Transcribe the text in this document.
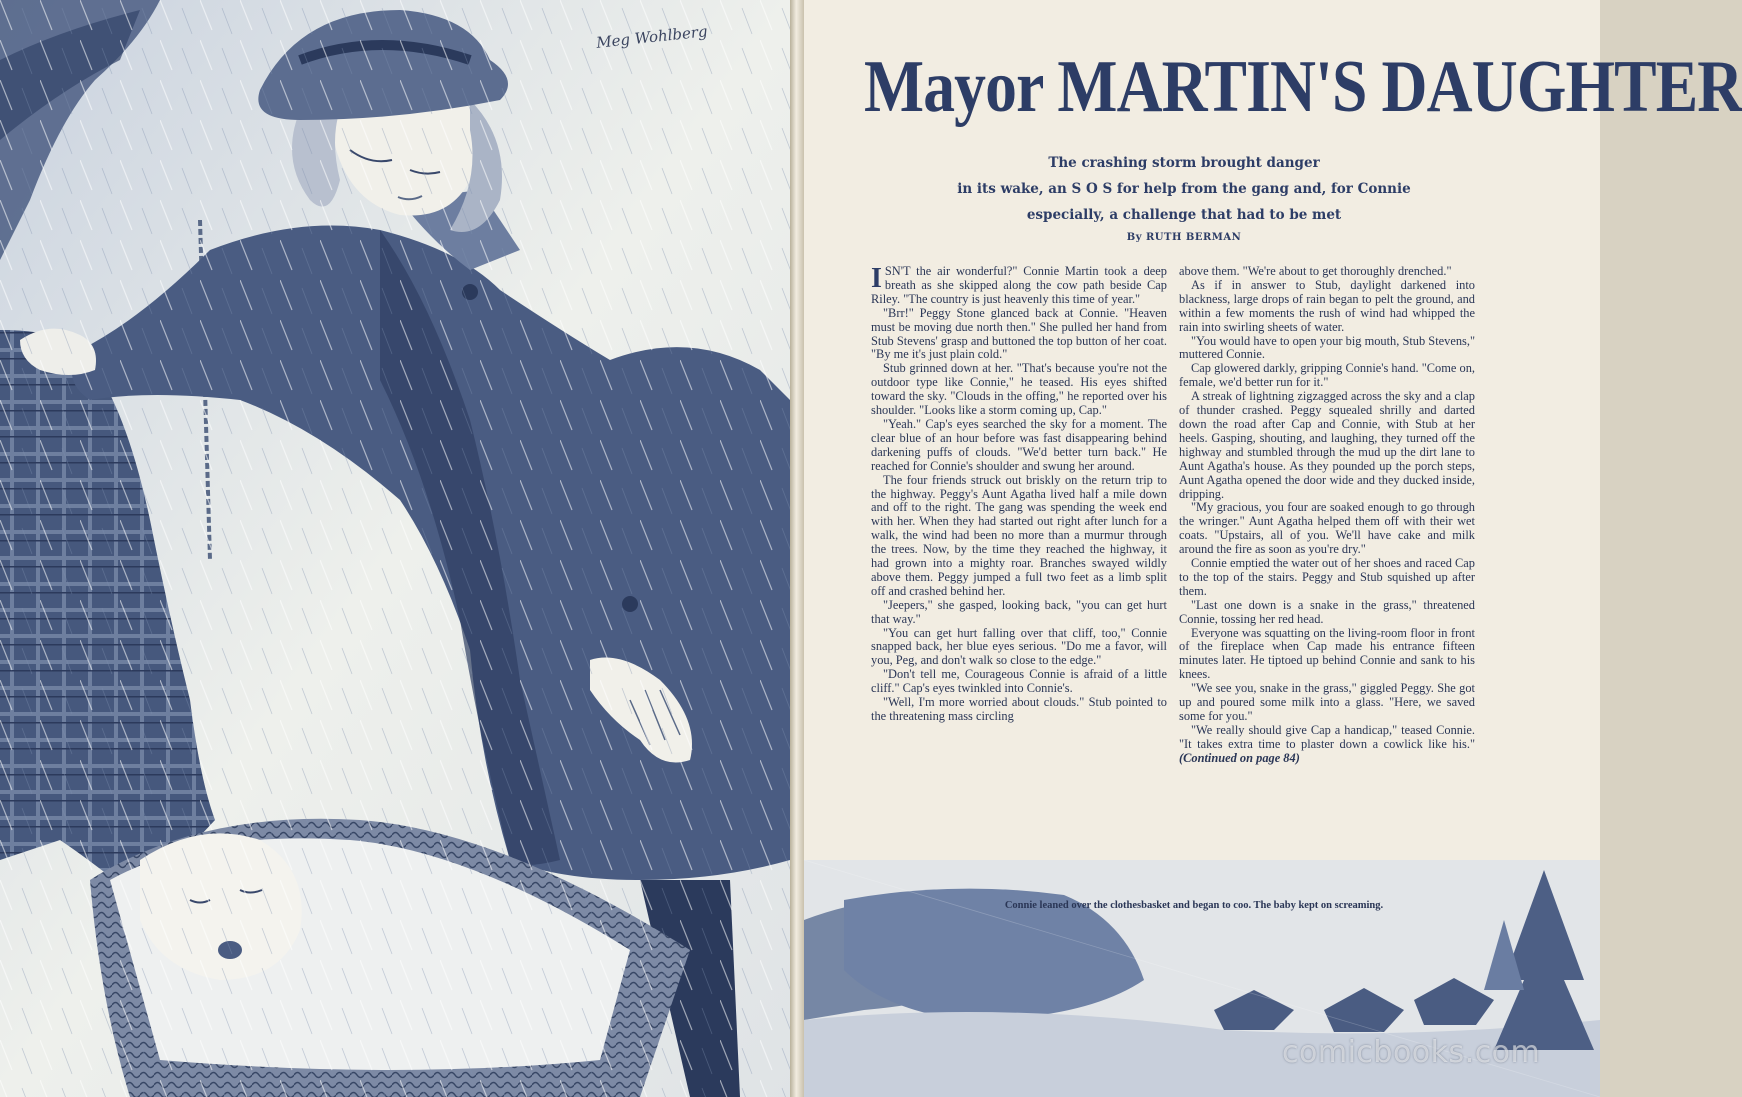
Meg Wohlberg
Mayor MARTIN'S DAUGHTER
The crashing storm brought danger
in its wake, an S O S for help from the gang and, for Connie
especially, a challenge that had to be met
By RUTH BERMAN

ISN'T the air wonderful?" Connie Martin took a deep breath as she skipped along the cow path beside Cap Riley. "The country is just heavenly this time of year."

"Brr!" Peggy Stone glanced back at Connie. "Heaven must be moving due north then." She pulled her hand from Stub Stevens' grasp and buttoned the top button of her coat. "By me it's just plain cold."

Stub grinned down at her. "That's because you're not the outdoor type like Connie," he teased. His eyes shifted toward the sky. "Clouds in the offing," he reported over his shoulder. "Looks like a storm coming up, Cap."

"Yeah." Cap's eyes searched the sky for a moment. The clear blue of an hour before was fast disappearing behind darkening puffs of clouds. "We'd better turn back." He reached for Connie's shoulder and swung her around.

The four friends struck out briskly on the return trip to the highway. Peggy's Aunt Agatha lived half a mile down and off to the right. The gang was spending the week end with her. When they had started out right after lunch for a walk, the wind had been no more than a murmur through the trees. Now, by the time they reached the highway, it had grown into a mighty roar. Branches swayed wildly above them. Peggy jumped a full two feet as a limb split off and crashed behind her.

"Jeepers," she gasped, looking back, "you can get hurt that way."

"You can get hurt falling over that cliff, too," Connie snapped back, her blue eyes serious. "Do me a favor, will you, Peg, and don't walk so close to the edge."

"Don't tell me, Courageous Connie is afraid of a little cliff." Cap's eyes twinkled into Connie's.

"Well, I'm more worried about clouds." Stub pointed to the threatening mass circling

above them. "We're about to get thoroughly drenched."

As if in answer to Stub, daylight darkened into blackness, large drops of rain began to pelt the ground, and within a few moments the rush of wind had whipped the rain into swirling sheets of water.

"You would have to open your big mouth, Stub Stevens," muttered Connie.

Cap glowered darkly, gripping Connie's hand. "Come on, female, we'd better run for it."

A streak of lightning zigzagged across the sky and a clap of thunder crashed. Peggy squealed shrilly and darted down the road after Cap and Connie, with Stub at her heels. Gasping, shouting, and laughing, they turned off the highway and stumbled through the mud up the dirt lane to Aunt Agatha's house. As they pounded up the porch steps, Aunt Agatha opened the door wide and they ducked inside, dripping.

"My gracious, you four are soaked enough to go through the wringer." Aunt Agatha helped them off with their wet coats. "Upstairs, all of you. We'll have cake and milk around the fire as soon as you're dry."

Connie emptied the water out of her shoes and raced Cap to the top of the stairs. Peggy and Stub squished up after them.

"Last one down is a snake in the grass," threatened Connie, tossing her red head.

Everyone was squatting on the living-room floor in front of the fireplace when Cap made his entrance fifteen minutes later. He tiptoed up behind Connie and sank to his knees.

"We see you, snake in the grass," giggled Peggy. She got up and poured some milk into a glass. "Here, we saved some for you."

"We really should give Cap a handicap," teased Connie. "It takes extra time to plaster down a cowlick like his." (Continued on page 84)

Connie leaned over the clothesbasket and began to coo. The baby kept on screaming.
comicbooks.com
